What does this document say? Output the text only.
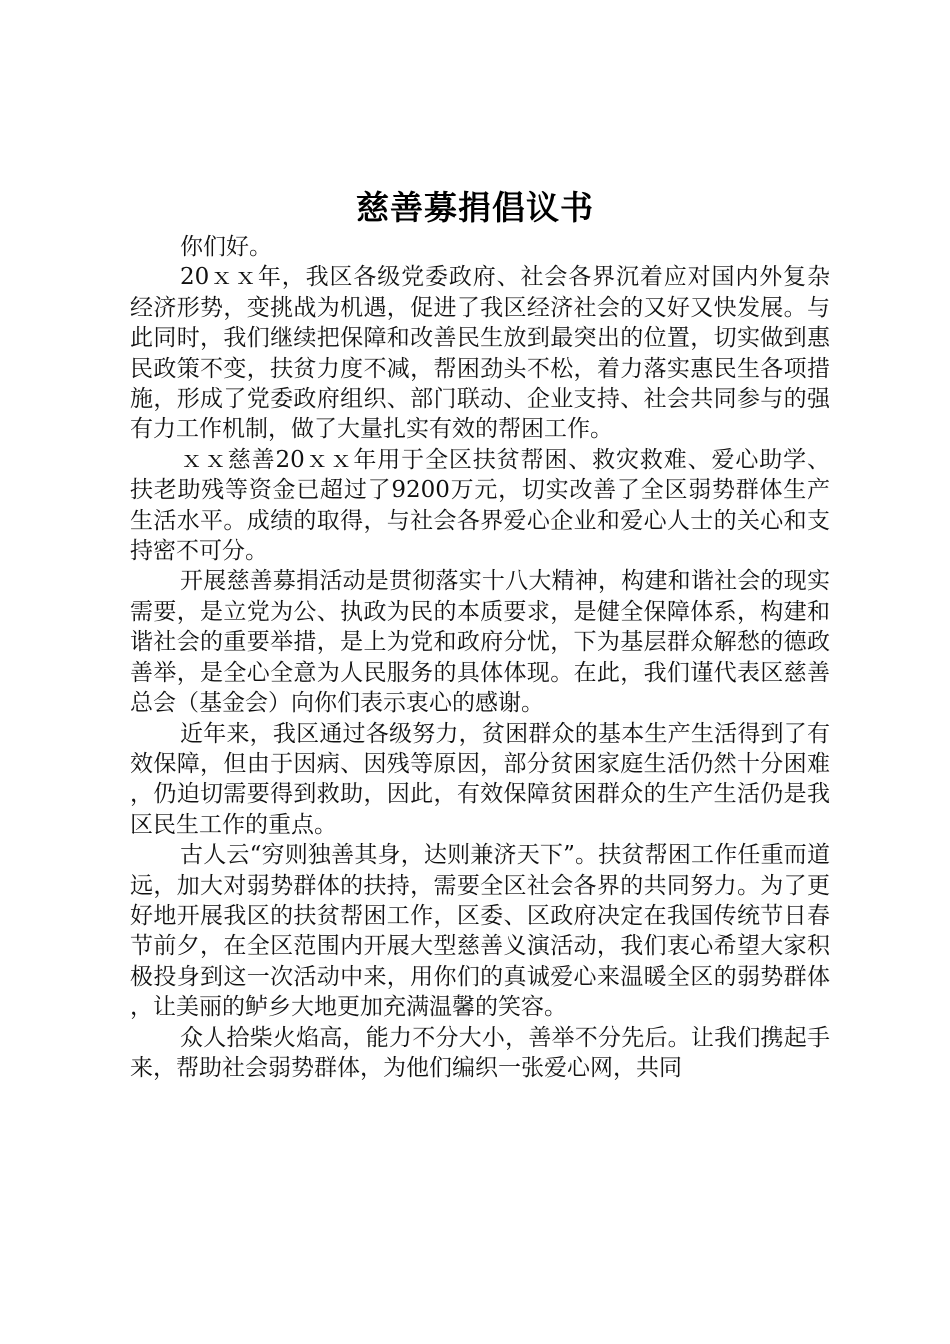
慈善募捐倡议书

你们好。

20ｘｘ年，我区各级党委政府、社会各界沉着应对国内外复杂经济形势，变挑战为机遇，促进了我区经济社会的又好又快发展。与此同时，我们继续把保障和改善民生放到最突出的位置，切实做到惠民政策不变，扶贫力度不减，帮困劲头不松，着力落实惠民生各项措施，形成了党委政府组织、部门联动、企业支持、社会共同参与的强有力工作机制，做了大量扎实有效的帮困工作。

ｘｘ慈善20ｘｘ年用于全区扶贫帮困、救灾救难、爱心助学、扶老助残等资金已超过了9200万元，切实改善了全区弱势群体生产生活水平。成绩的取得，与社会各界爱心企业和爱心人士的关心和支持密不可分。

开展慈善募捐活动是贯彻落实十八大精神，构建和谐社会的现实需要，是立党为公、执政为民的本质要求，是健全保障体系，构建和谐社会的重要举措，是上为党和政府分忧，下为基层群众解愁的德政善举，是全心全意为人民服务的具体体现。在此，我们谨代表区慈善总会（基金会）向你们表示衷心的感谢。

近年来，我区通过各级努力，贫困群众的基本生产生活得到了有效保障，但由于因病、因残等原因，部分贫困家庭生活仍然十分困难，仍迫切需要得到救助，因此，有效保障贫困群众的生产生活仍是我区民生工作的重点。

古人云“穷则独善其身，达则兼济天下”。扶贫帮困工作任重而道远，加大对弱势群体的扶持，需要全区社会各界的共同努力。为了更好地开展我区的扶贫帮困工作，区委、区政府决定在我国传统节日春节前夕，在全区范围内开展大型慈善义演活动，我们衷心希望大家积极投身到这一次活动中来，用你们的真诚爱心来温暖全区的弱势群体，让美丽的鲈乡大地更加充满温馨的笑容。

众人拾柴火焰高，能力不分大小，善举不分先后。让我们携起手来，帮助社会弱势群体，为他们编织一张爱心网，共同
